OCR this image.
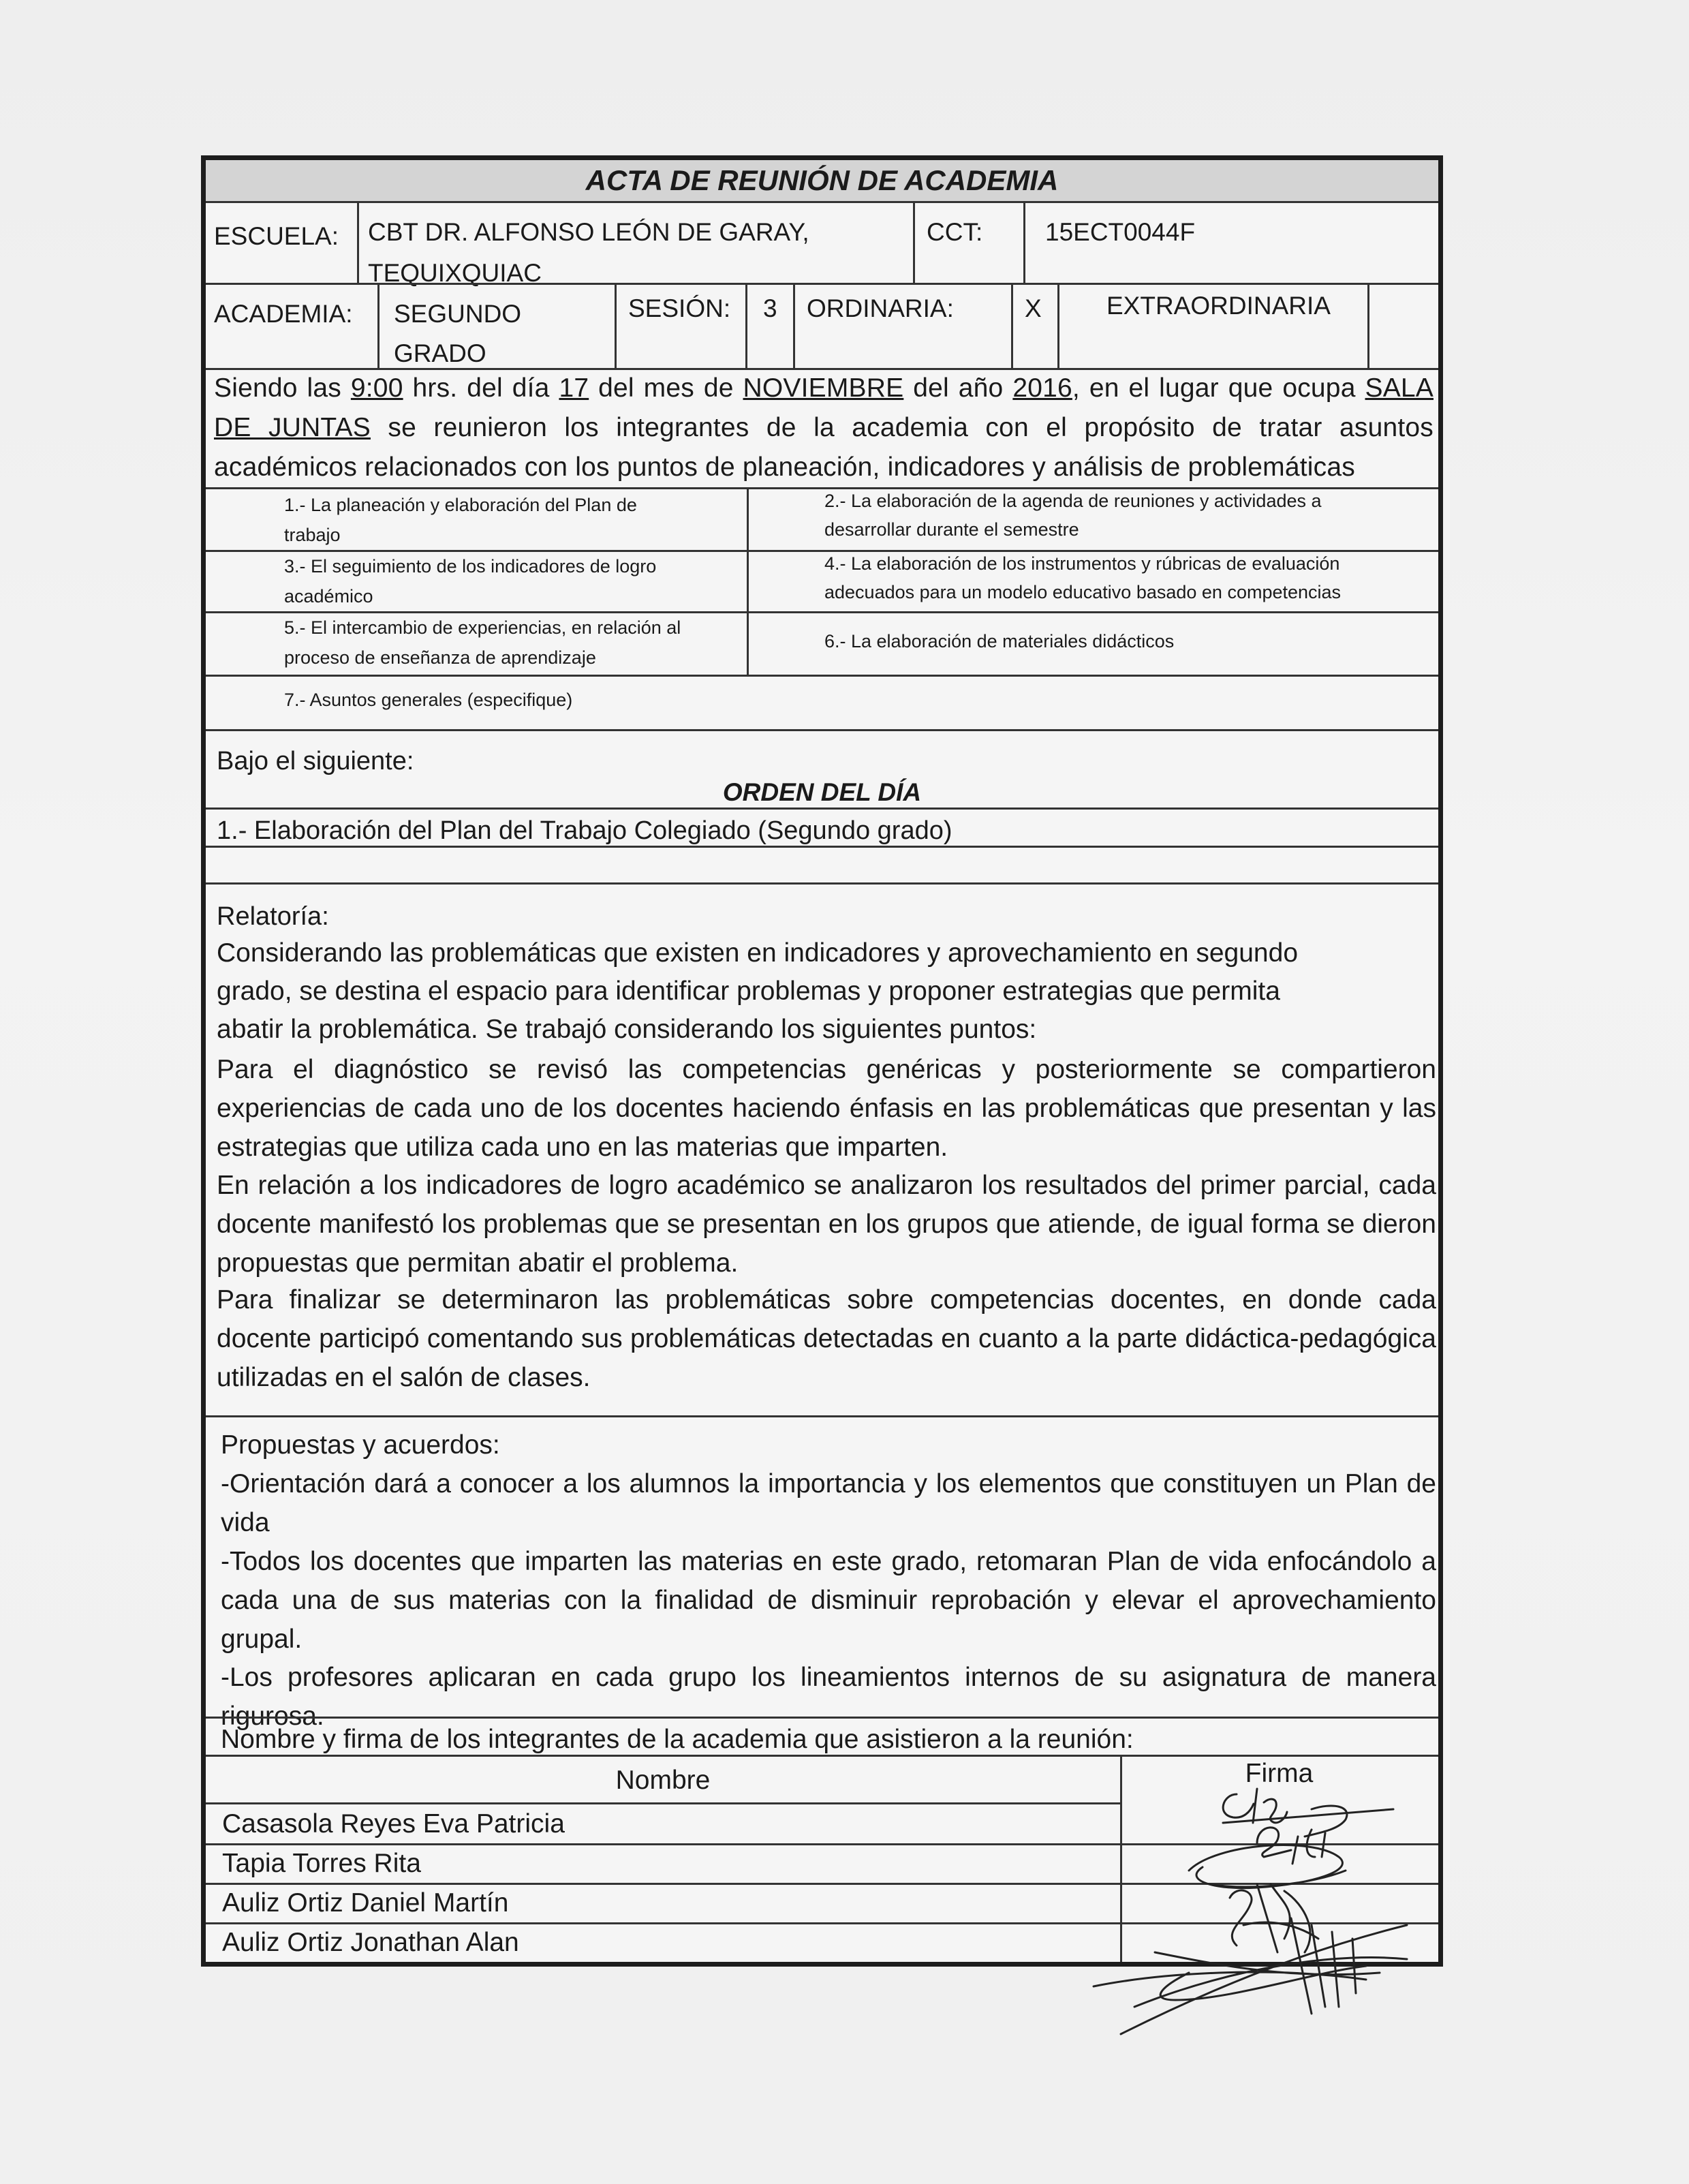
ACTA DE REUNIÓN DE ACADEMIA
ESCUELA: CBT DR. ALFONSO LEÓN DE GARAY,
TEQUIXQUIAC
CCT: 15ECT0044F
ACADEMIA: SEGUNDO
GRADO
SESIÓN: 3 ORDINARIA:	X	EXTRAORDINARIA
Siendo las 9:00 hrs. del día 17 del mes de NOVIEMBRE del año 2016, en el lugar que ocupa SALA DE JUNTAS se reunieron los integrantes de la academia con el propósito de tratar asuntos académicos relacionados con los puntos de planeación, indicadores y análisis de problemáticas
1.- La planeación y elaboración del Plan de
trabajo
2.- La elaboración de la agenda de reuniones y actividades a
desarrollar durante el semestre
3.- El seguimiento de los indicadores de logro
académico
4.- La elaboración de los instrumentos y rúbricas de evaluación
adecuados para un modelo educativo basado en competencias
5.- El intercambio de experiencias, en relación al
proceso de enseñanza de aprendizaje
6.- La elaboración de materiales didácticos
7.- Asuntos generales (especifique)
Bajo el siguiente:
ORDEN DEL DÍA
1.- Elaboración del Plan del Trabajo Colegiado (Segundo grado)
Relatoría:
Considerando las problemáticas que existen en indicadores y aprovechamiento en segundo
grado, se destina el espacio para identificar problemas y proponer estrategias que permita
abatir la problemática. Se trabajó considerando los siguientes puntos:
Para el diagnóstico se revisó las competencias genéricas y posteriormente se compartieron experiencias de cada uno de los docentes haciendo énfasis en las problemáticas que presentan y las estrategias que utiliza cada uno en las materias que imparten.
En relación a los indicadores de logro académico se analizaron los resultados del primer parcial, cada docente manifestó los problemas que se presentan en los grupos que atiende, de igual forma se dieron propuestas que permitan abatir el problema.
Para finalizar se determinaron las problemáticas sobre competencias docentes, en donde cada docente participó comentando sus problemáticas detectadas en cuanto a la parte didáctica-pedagógica utilizadas en el salón de clases.
Propuestas y acuerdos:
-Orientación dará a conocer a los alumnos la importancia y los elementos que constituyen un Plan de vida
-Todos los docentes que imparten las materias en este grado, retomaran Plan de vida enfocándolo a cada una de sus materias con la finalidad de disminuir reprobación y elevar el aprovechamiento grupal.
-Los profesores aplicaran en cada grupo los lineamientos internos de su asignatura de manera rigurosa.
Nombre y firma de los integrantes de la academia que asistieron a la reunión:
Nombre	Firma
Casasola Reyes Eva Patricia
Tapia Torres Rita
Auliz Ortiz Daniel Martín
Auliz Ortiz Jonathan Alan
